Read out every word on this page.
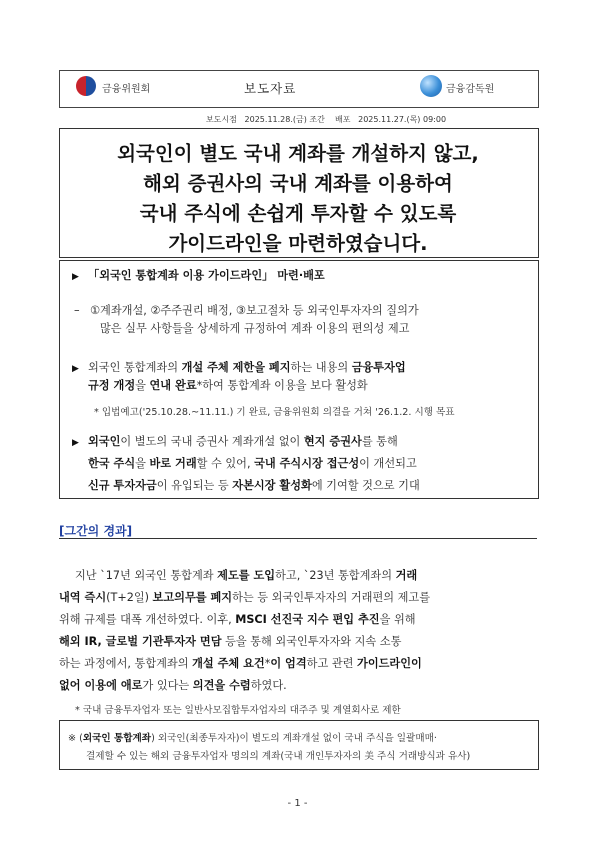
금융위원회	보도자료	금융감독원
보도시점   2025.11.28.(금) 조간    배포   2025.11.27.(목) 09:00
외국인이 별도 국내 계좌를 개설하지 않고,
해외 증권사의 국내 계좌를 이용하여
국내 주식에 손쉽게 투자할 수 있도록
가이드라인을 마련하였습니다.
▶ 「외국인 통합계좌 이용 가이드라인」 마련·배포
– ①계좌개설, ②주주권리 배정, ③보고절차 등 외국인투자자의 질의가
많은 실무 사항들을 상세하게 규정하여 계좌 이용의 편의성 제고
▶ 외국인 통합계좌의 개설 주체 제한을 폐지하는 내용의 금융투자업
규정 개정을 연내 완료*하여 통합계좌 이용을 보다 활성화
* 입법예고('25.10.28.~11.11.) 기 완료, 금융위원회 의결을 거쳐 '26.1.2. 시행 목표
▶ 외국인이 별도의 국내 증권사 계좌개설 없이 현지 증권사를 통해
한국 주식을 바로 거래할 수 있어, 국내 주식시장 접근성이 개선되고
신규 투자자금이 유입되는 등 자본시장 활성화에 기여할 것으로 기대
[그간의 경과]
지난 `17년 외국인 통합계좌 제도를 도입하고, `23년 통합계좌의 거래
내역 즉시(T+2일) 보고의무를 폐지하는 등 외국인투자자의 거래편의 제고를
위해 규제를 대폭 개선하였다. 이후, MSCI 선진국 지수 편입 추진을 위해
해외 IR, 글로벌 기관투자자 면담 등을 통해 외국인투자자와 지속 소통
하는 과정에서, 통합계좌의 개설 주체 요건*이 엄격하고 관련 가이드라인이
없어 이용에 애로가 있다는 의견을 수렴하였다.
* 국내 금융투자업자 또는 일반사모집합투자업자의 대주주 및 계열회사로 제한
※ (외국인 통합계좌) 외국인(최종투자자)이 별도의 계좌개설 없이 국내 주식을 일괄매매·
결제할 수 있는 해외 금융투자업자 명의의 계좌(국내 개인투자자의 美 주식 거래방식과 유사)
- 1 -
